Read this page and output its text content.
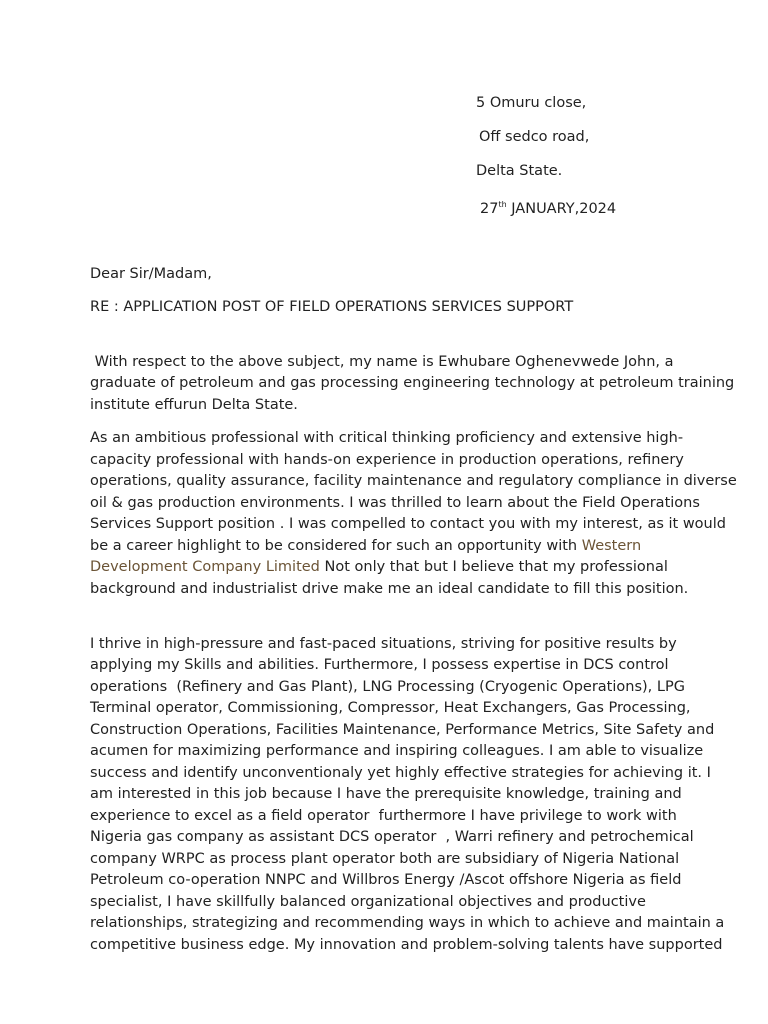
5 Omuru close,
Off sedco road,
Delta State.
27th JANUARY,2024

Dear Sir/Madam,

RE : APPLICATION POST OF FIELD OPERATIONS SERVICES SUPPORT

With respect to the above subject, my name is Ewhubare Oghenevwede John, a
graduate of petroleum and gas processing engineering technology at petroleum training
institute effurun Delta State.

As an ambitious professional with critical thinking proficiency and extensive high-
capacity professional with hands-on experience in production operations, refinery
operations, quality assurance, facility maintenance and regulatory compliance in diverse
oil & gas production environments. I was thrilled to learn about the Field Operations
Services Support position . I was compelled to contact you with my interest, as it would
be a career highlight to be considered for such an opportunity with Western
Development Company Limited Not only that but I believe that my professional
background and industrialist drive make me an ideal candidate to fill this position.

I thrive in high-pressure and fast-paced situations, striving for positive results by
applying my Skills and abilities. Furthermore, I possess expertise in DCS control
operations  (Refinery and Gas Plant), LNG Processing (Cryogenic Operations), LPG
Terminal operator, Commissioning, Compressor, Heat Exchangers, Gas Processing,
Construction Operations, Facilities Maintenance, Performance Metrics, Site Safety and
acumen for maximizing performance and inspiring colleagues. I am able to visualize
success and identify unconventionaly yet highly effective strategies for achieving it. I
am interested in this job because I have the prerequisite knowledge, training and
experience to excel as a field operator  furthermore I have privilege to work with
Nigeria gas company as assistant DCS operator  , Warri refinery and petrochemical
company WRPC as process plant operator both are subsidiary of Nigeria National
Petroleum co-operation NNPC and Willbros Energy /Ascot offshore Nigeria as field
specialist, I have skillfully balanced organizational objectives and productive
relationships, strategizing and recommending ways in which to achieve and maintain a
competitive business edge. My innovation and problem-solving talents have supported
